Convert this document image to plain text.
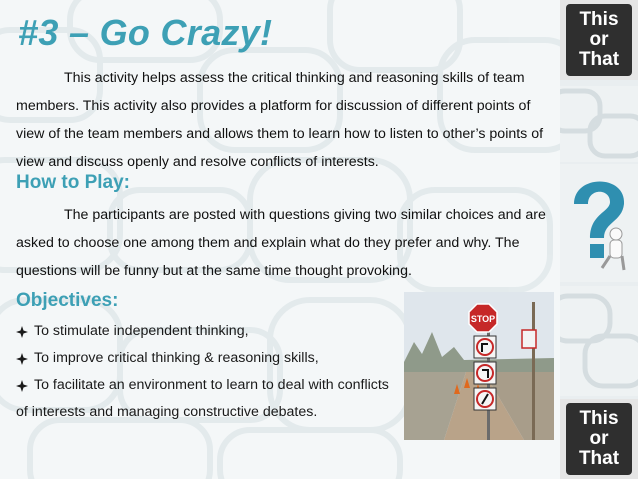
#3 – Go Crazy!
This activity helps assess the critical thinking and reasoning skills of team members. This activity also provides a platform for discussion of different points of view of the team members and allows them to learn how to listen to other’s points of view and discuss openly and resolve conflicts of interests.
How to Play:
The participants are posted with questions giving two similar choices and are asked to choose one among them and explain what do they prefer and why. The questions will be funny but at the same time thought provoking.
Objectives:
To stimulate independent thinking,
To improve critical thinking & reasoning skills,
To facilitate an environment to learn to deal with conflicts
of interests and managing constructive debates.
STOP
This
or
That
This
or
That
